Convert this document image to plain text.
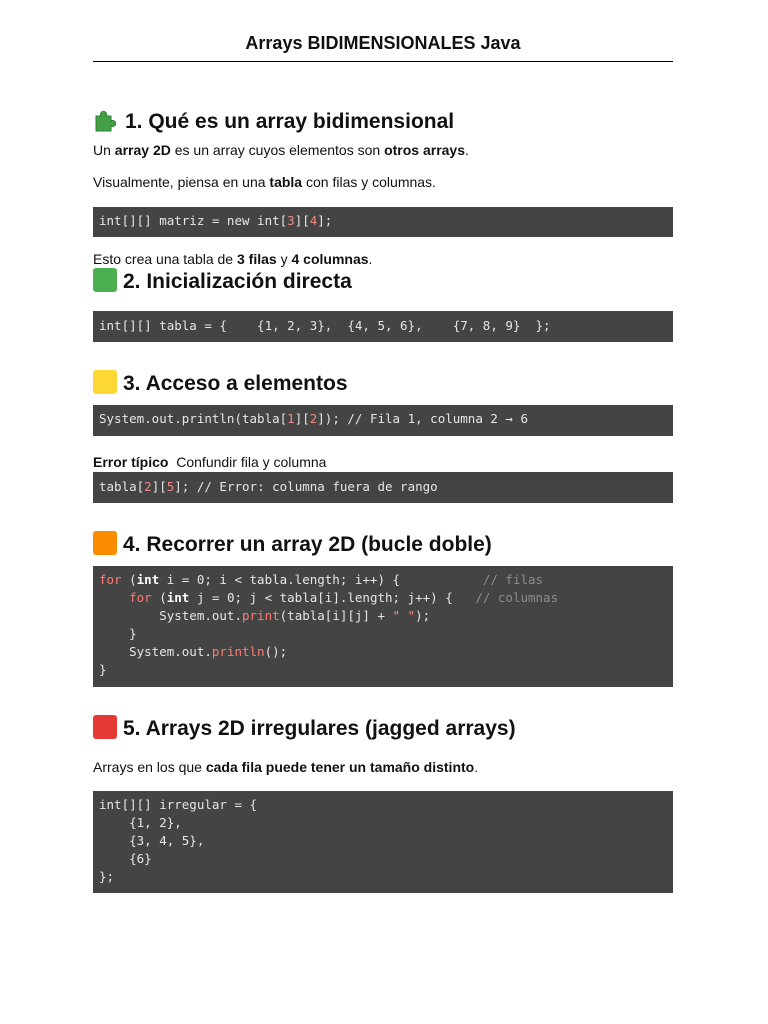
Arrays BIDIMENSIONALES Java
1. Qué es un array bidimensional
Un array 2D es un array cuyos elementos son otros arrays.
Visualmente, piensa en una tabla con filas y columnas.
int[][] matriz = new int[3][4];
Esto crea una tabla de 3 filas y 4 columnas.
2. Inicialización directa
int[][] tabla = {    {1, 2, 3},  {4, 5, 6},    {7, 8, 9}  };
3. Acceso a elementos
System.out.println(tabla[1][2]); // Fila 1, columna 2 → 6
Error típico  Confundir fila y columna
tabla[2][5]; // Error: columna fuera de rango
4. Recorrer un array 2D (bucle doble)
for (int i = 0; i < tabla.length; i++) {           // filas
for (int j = 0; j < tabla[i].length; j++) {   // columnas
System.out.print(tabla[i][j] + " ");
}
System.out.println();
}
5. Arrays 2D irregulares (jagged arrays)
Arrays en los que cada fila puede tener un tamaño distinto.
int[][] irregular = {
{1, 2},
{3, 4, 5},
{6}
};
